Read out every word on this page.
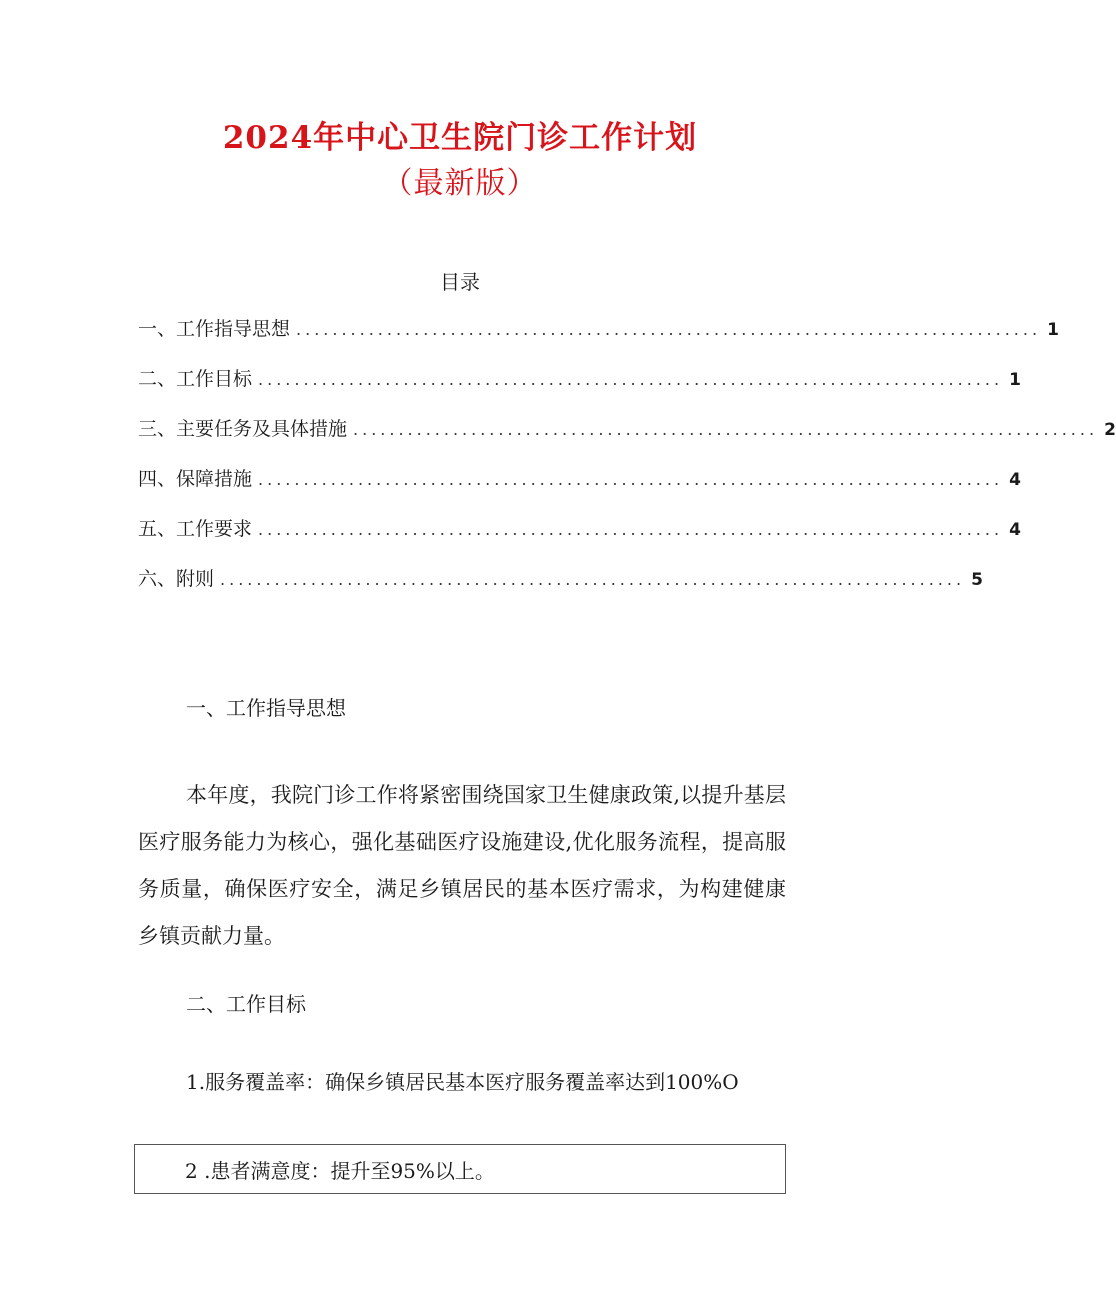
2024年中心卫生院门诊工作计划
（最新版）
目录
一、工作指导思想 .................................................................................. 1
二、工作目标 .................................................................................. 1
三、主要任务及具体措施 .................................................................................. 2
四、保障措施 .................................................................................. 4
五、工作要求 .................................................................................. 4
六、附则 .................................................................................. 5
一、工作指导思想

本年度，我院门诊工作将紧密围绕国家卫生健康政策,以提升基层医疗服务能力为核心，强化基础医疗设施建设,优化服务流程，提高服务质量，确保医疗安全，满足乡镇居民的基本医疗需求，为构建健康乡镇贡献力量。

二、工作目标
1.服务覆盖率：确保乡镇居民基本医疗服务覆盖率达到100%O
2 .患者满意度：提升至95%以上。
